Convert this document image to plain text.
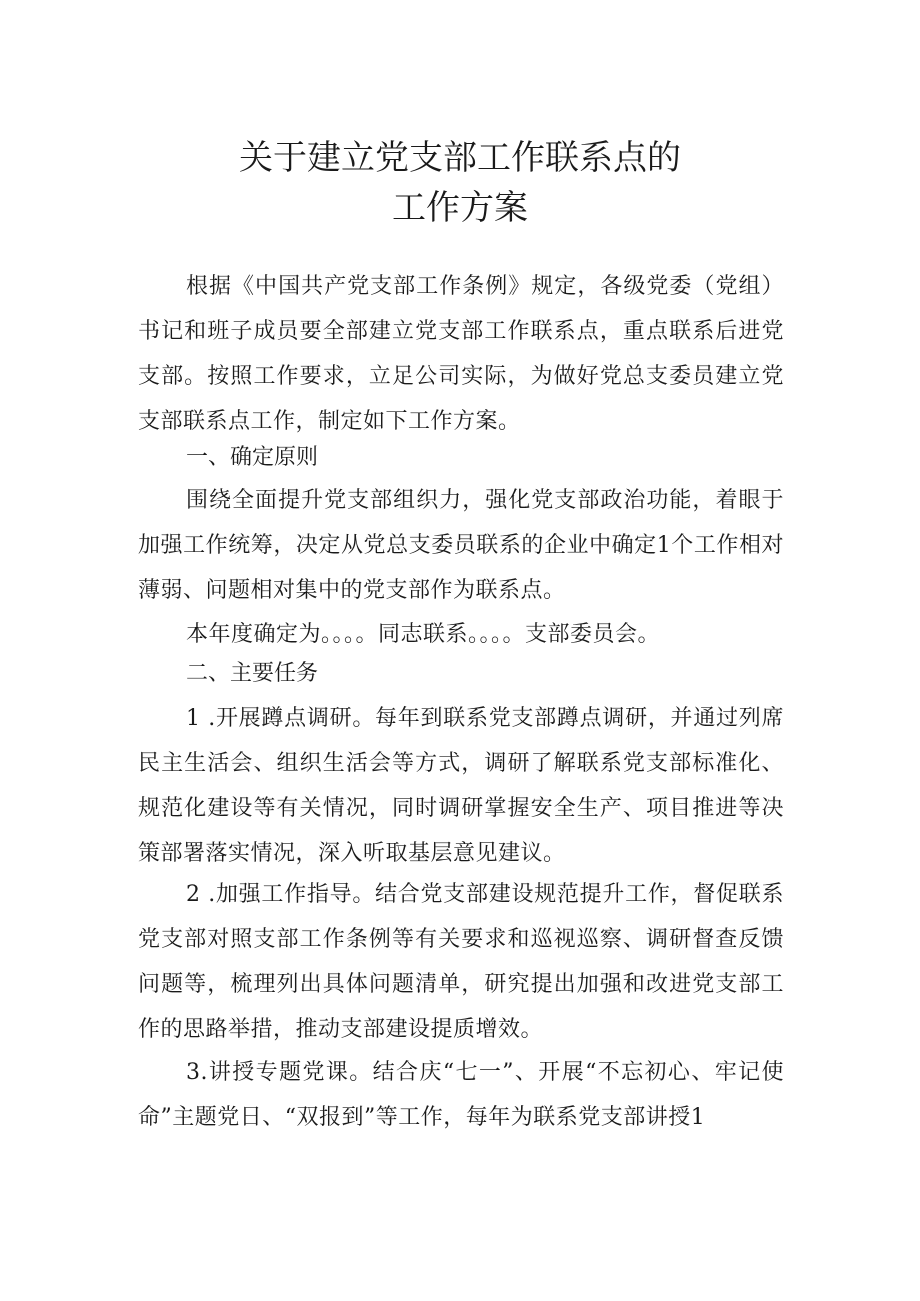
关于建立党支部工作联系点的
工作方案

根据《中国共产党支部工作条例》规定，各级党委（党组）书记和班子成员要全部建立党支部工作联系点，重点联系后进党支部。按照工作要求，立足公司实际，为做好党总支委员建立党支部联系点工作，制定如下工作方案。

一、确定原则

围绕全面提升党支部组织力，强化党支部政治功能，着眼于加强工作统筹，决定从党总支委员联系的企业中确定1个工作相对薄弱、问题相对集中的党支部作为联系点。

本年度确定为。。。。同志联系。。。。支部委员会。

二、主要任务

1 .开展蹲点调研。每年到联系党支部蹲点调研，并通过列席民主生活会、组织生活会等方式，调研了解联系党支部标准化、规范化建设等有关情况，同时调研掌握安全生产、项目推进等决策部署落实情况，深入听取基层意见建议。

2 .加强工作指导。结合党支部建设规范提升工作，督促联系党支部对照支部工作条例等有关要求和巡视巡察、调研督查反馈问题等，梳理列出具体问题清单，研究提出加强和改进党支部工作的思路举措，推动支部建设提质增效。

3.讲授专题党课。结合庆“七一”、开展“不忘初心、牢记使命”主题党日、“双报到”等工作，每年为联系党支部讲授1
